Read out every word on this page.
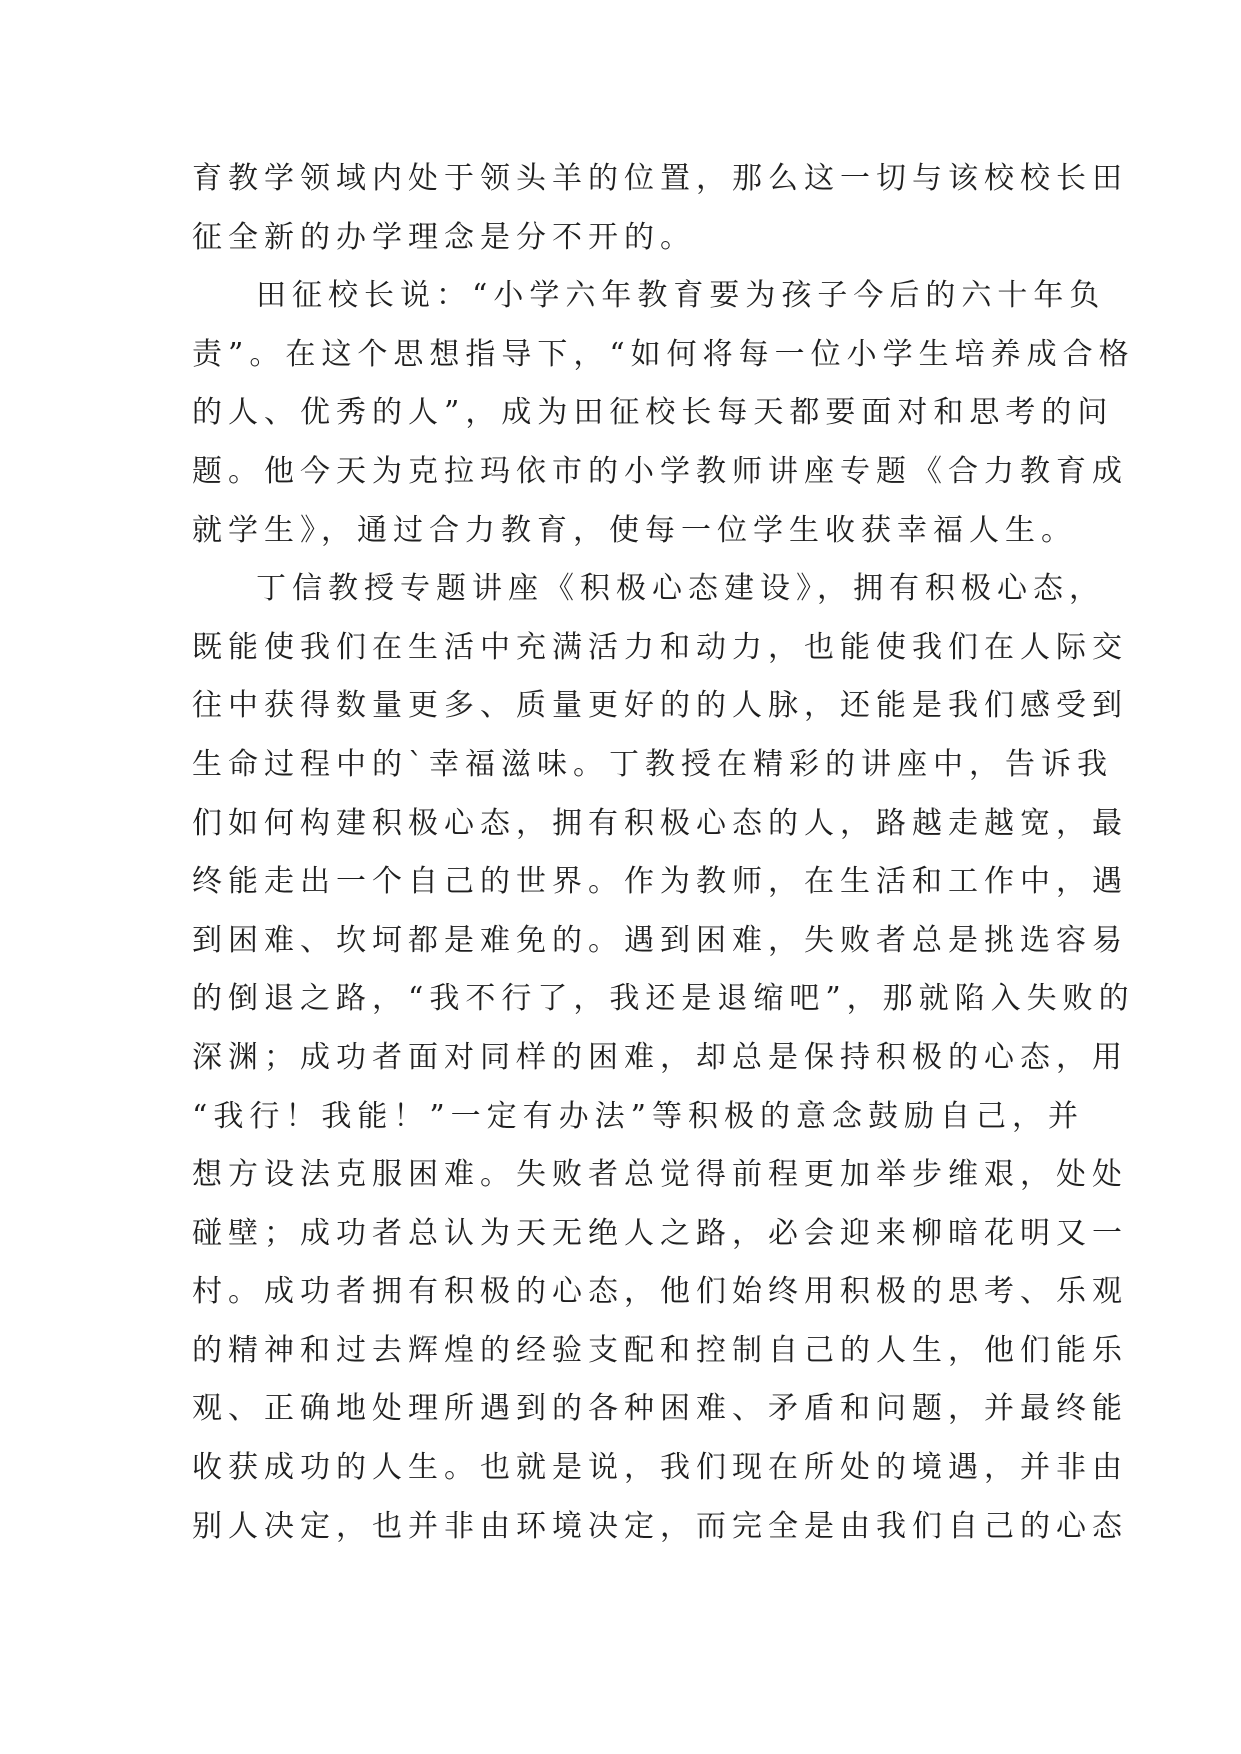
育教学领域内处于领头羊的位置，那么这一切与该校校长田
征全新的办学理念是分不开的。

田征校长说：“小学六年教育要为孩子今后的六十年负
责”。在这个思想指导下，“如何将每一位小学生培养成合格
的人、优秀的人”，成为田征校长每天都要面对和思考的问
题。他今天为克拉玛依市的小学教师讲座专题《合力教育成
就学生》，通过合力教育，使每一位学生收获幸福人生。

丁信教授专题讲座《积极心态建设》，拥有积极心态，
既能使我们在生活中充满活力和动力，也能使我们在人际交
往中获得数量更多、质量更好的的人脉，还能是我们感受到
生命过程中的`幸福滋味。丁教授在精彩的讲座中，告诉我
们如何构建积极心态，拥有积极心态的人，路越走越宽，最
终能走出一个自己的世界。作为教师，在生活和工作中，遇
到困难、坎坷都是难免的。遇到困难，失败者总是挑选容易
的倒退之路，“我不行了，我还是退缩吧”，那就陷入失败的
深渊；成功者面对同样的困难，却总是保持积极的心态，用
“我行！我能！”一定有办法”等积极的意念鼓励自己，并
想方设法克服困难。失败者总觉得前程更加举步维艰，处处
碰壁；成功者总认为天无绝人之路，必会迎来柳暗花明又一
村。成功者拥有积极的心态，他们始终用积极的思考、乐观
的精神和过去辉煌的经验支配和控制自己的人生，他们能乐
观、正确地处理所遇到的各种困难、矛盾和问题，并最终能
收获成功的人生。也就是说，我们现在所处的境遇，并非由
别人决定，也并非由环境决定，而完全是由我们自己的心态
